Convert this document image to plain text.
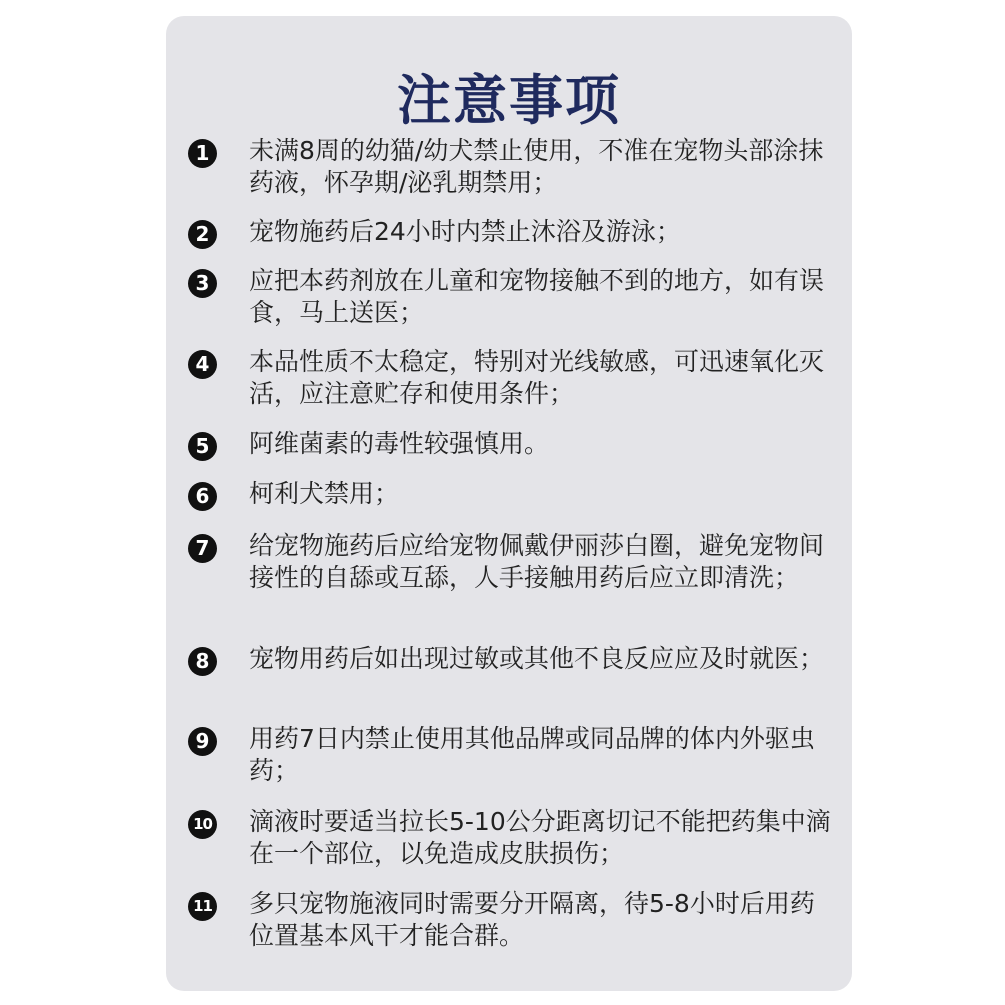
注意事项
1	未满8周的幼猫/幼犬禁止使用，不准在宠物头部涂抹药液，怀孕期/泌乳期禁用；
2	宠物施药后24小时内禁止沐浴及游泳；
3	应把本药剂放在儿童和宠物接触不到的地方，如有误食，马上送医；
4	本品性质不太稳定，特别对光线敏感，可迅速氧化灭活，应注意贮存和使用条件；
5	阿维菌素的毒性较强慎用。
6	柯利犬禁用；
7	给宠物施药后应给宠物佩戴伊丽莎白圈，避免宠物间接性的自舔或互舔，人手接触用药后应立即清洗；
8	宠物用药后如出现过敏或其他不良反应应及时就医；
9	用药7日内禁止使用其他品牌或同品牌的体内外驱虫药；
10 滴液时要适当拉长5-10公分距离切记不能把药集中滴在一个部位，以免造成皮肤损伤；
11 多只宠物施液同时需要分开隔离，待5-8小时后用药位置基本风干才能合群。
